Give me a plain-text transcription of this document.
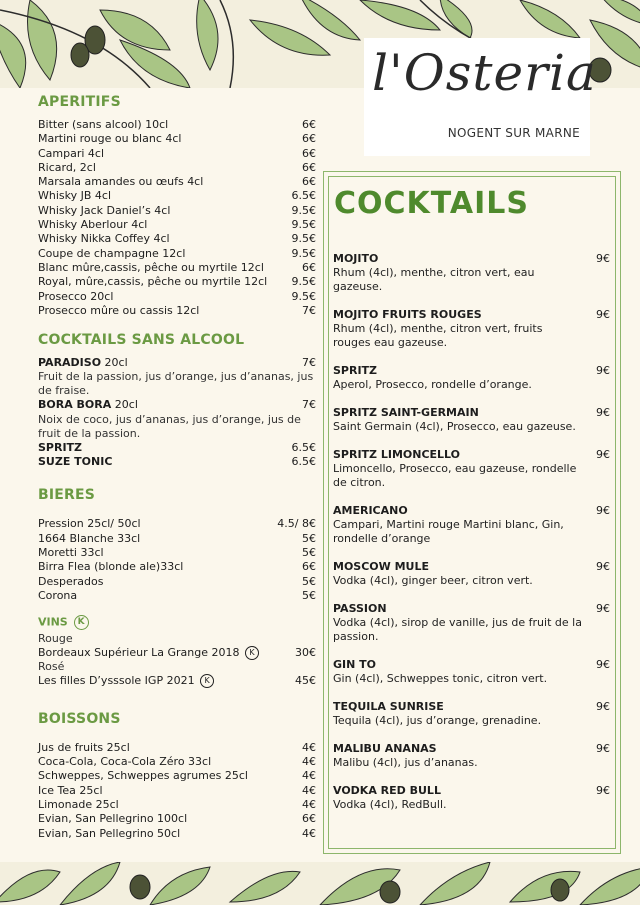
l'Osteria
NOGENT SUR MARNE
APERITIFS
Bitter (sans alcool) 10cl	6€
Martini rouge ou blanc 4cl	6€
Campari 4cl	6€
Ricard, 2cl	6€
Marsala amandes ou œufs 4cl	6€
Whisky JB 4cl	6.5€
Whisky Jack Daniel’s 4cl	9.5€
Whisky Aberlour 4cl	9.5€
Whisky Nikka Coffey 4cl	9.5€
Coupe de champagne 12cl	9.5€
Blanc mûre,cassis, pêche ou myrtile 12cl	6€
Royal, mûre,cassis, pêche ou myrtile 12cl 9.5€
Prosecco 20cl	9.5€
Prosecco mûre ou cassis 12cl	7€
COCKTAILS SANS ALCOOL
PARADISO 20cl	7€
Fruit de la passion, jus d’orange, jus d’ananas, jus de fraise.
BORA BORA 20cl	7€
Noix de coco, jus d’ananas, jus d’orange, jus de fruit de la passion.
SPRITZ	6.5€
SUZE TONIC	6.5€
BIERES
Pression 25cl/ 50cl	4.5/ 8€
1664 Blanche 33cl	5€
Moretti 33cl	5€
Birra Flea (blonde ale)33cl	6€
Desperados	5€
Corona	5€
VINS K
Rouge
Bordeaux Supérieur La Grange 2018 K	30€
Rosé
Les filles D’ysssole IGP 2021 K	45€
BOISSONS
Jus de fruits 25cl	4€
Coca-Cola, Coca-Cola Zéro 33cl	4€
Schweppes, Schweppes agrumes 25cl	4€
Ice Tea 25cl	4€
Limonade 25cl	4€
Evian, San Pellegrino 100cl	6€
Evian, San Pellegrino 50cl	4€
COCKTAILS
MOJITO	9€
Rhum (4cl), menthe, citron vert, eau gazeuse.
MOJITO FRUITS ROUGES	9€
Rhum (4cl), menthe, citron vert, fruits rouges eau gazeuse.
SPRITZ	9€
Aperol, Prosecco, rondelle d’orange.
SPRITZ SAINT-GERMAIN	9€
Saint Germain (4cl), Prosecco, eau gazeuse.
SPRITZ LIMONCELLO	9€
Limoncello, Prosecco, eau gazeuse, rondelle de citron.
AMERICANO	9€
Campari, Martini rouge Martini blanc, Gin, rondelle d’orange
MOSCOW MULE	9€
Vodka (4cl), ginger beer, citron vert.
PASSION	9€
Vodka (4cl), sirop de vanille, jus de fruit de la passion.
GIN TO	9€
Gin (4cl), Schweppes tonic, citron vert.
TEQUILA SUNRISE	9€
Tequila (4cl), jus d’orange, grenadine.
MALIBU ANANAS	9€
Malibu (4cl), jus d’ananas.
VODKA RED BULL	9€
Vodka (4cl), RedBull.
